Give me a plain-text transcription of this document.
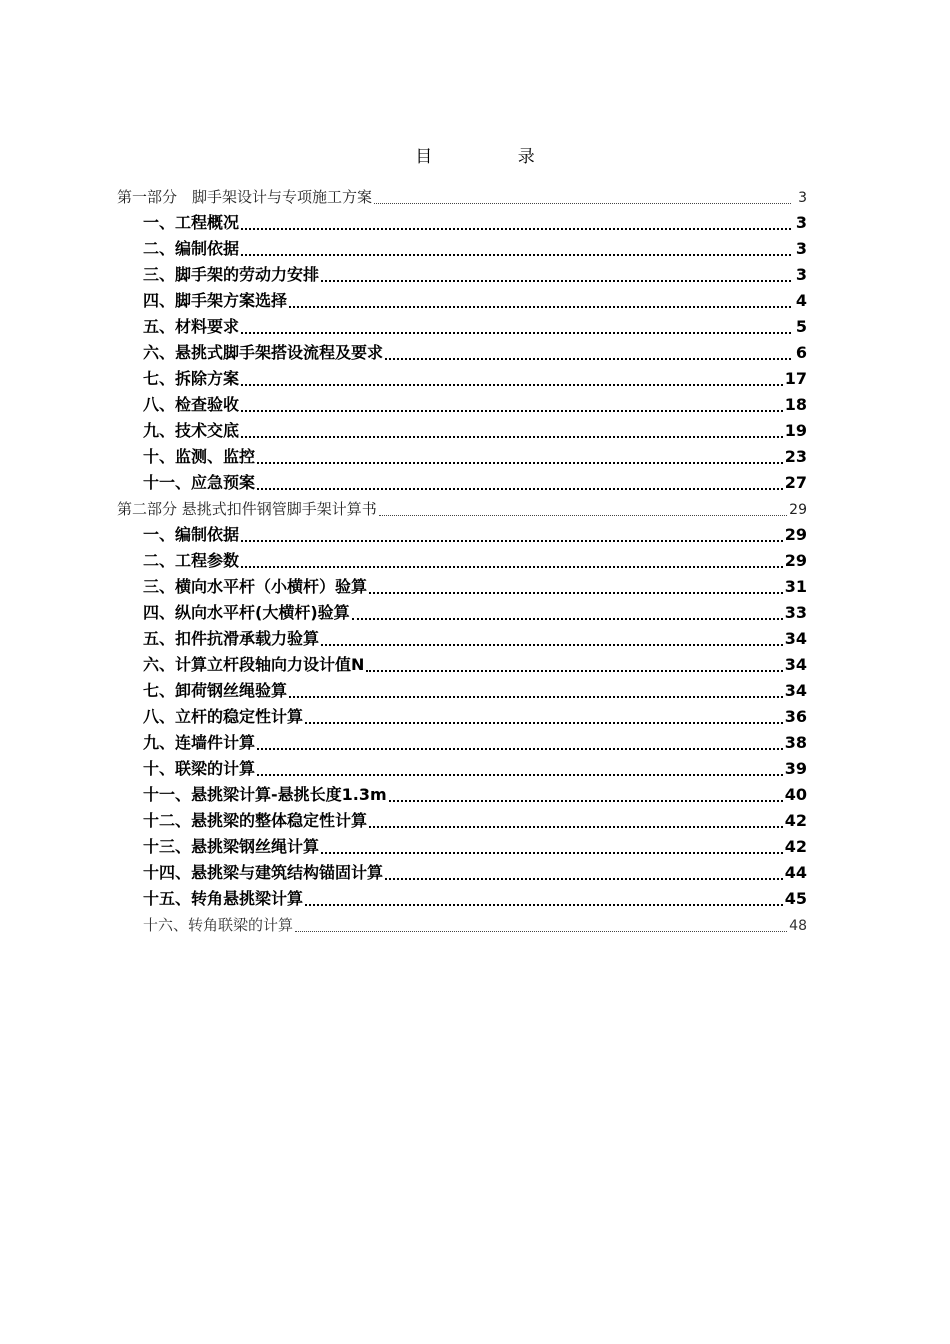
目 录
第一部分　脚手架设计与专项施工方案	3
一、工程概况	3
二、编制依据	3
三、脚手架的劳动力安排	3
四、脚手架方案选择	4
五、材料要求	5
六、悬挑式脚手架搭设流程及要求	6
七、拆除方案	17
八、检查验收	18
九、技术交底	19
十、监测、监控	23
十一、应急预案	27
第二部分 悬挑式扣件钢管脚手架计算书	29
一、编制依据	29
二、工程参数	29
三、横向水平杆（小横杆）验算	31
四、纵向水平杆(大横杆)验算	33
五、扣件抗滑承载力验算	34
六、计算立杆段轴向力设计值N	34
七、卸荷钢丝绳验算	34
八、立杆的稳定性计算	36
九、连墙件计算	38
十、联梁的计算	39
十一、悬挑梁计算-悬挑长度1.3m	40
十二、悬挑梁的整体稳定性计算	42
十三、悬挑梁钢丝绳计算	42
十四、悬挑梁与建筑结构锚固计算	44
十五、转角悬挑梁计算	45
十六、转角联梁的计算	48
